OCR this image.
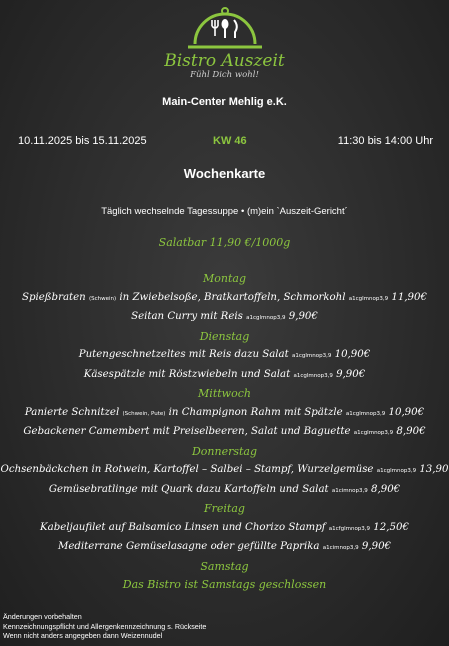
Bistro Auszeit
Fühl Dich wohl!
Main-Center Mehlig e.K.
10.11.2025 bis 15.11.2025	KW 46	11:30 bis 14:00 Uhr
Wochenkarte
Täglich wechselnde Tagessuppe • (m)ein `Auszeit-Gericht´
Salatbar 11,90 €/1000g
Montag
Spießbraten (Schwein) in Zwiebelsoße, Bratkartoffeln, Schmorkohl a1cglmnop3,9 11,90€
Seitan Curry mit Reis a1cglmnop3,9 9,90€
Dienstag
Putengeschnetzeltes mit Reis dazu Salat a1cglmnop3,9 10,90€
Käsespätzle mit Röstzwiebeln und Salat a1cglmnop3,9 9,90€
Mittwoch
Panierte Schnitzel (Schwein, Pute) in Champignon Rahm mit Spätzle a1cglmnop3,9 10,90€
Gebackener Camembert mit Preiselbeeren, Salat und Baguette a1cglmnop3,9 8,90€
Donnerstag
Ochsenbäckchen in Rotwein, Kartoffel – Salbei – Stampf, Wurzelgemüse a1cglmnop3,9 13,90
Gemüsebratlinge mit Quark dazu Kartoffeln und Salat a1cimnop3,9 8,90€
Freitag
Kabeljaufilet auf Balsamico Linsen und Chorizo Stampf a1cfglmnop3,9 12,50€
Mediterrane Gemüselasagne oder gefüllte Paprika a1cimnop3,9 9,90€
Samstag
Das Bistro ist Samstags geschlossen
Änderungen vorbehalten
Kennzeichnungspflicht und Allergenkennzeichnung s. Rückseite
Wenn nicht anders angegeben dann Weizennudel
